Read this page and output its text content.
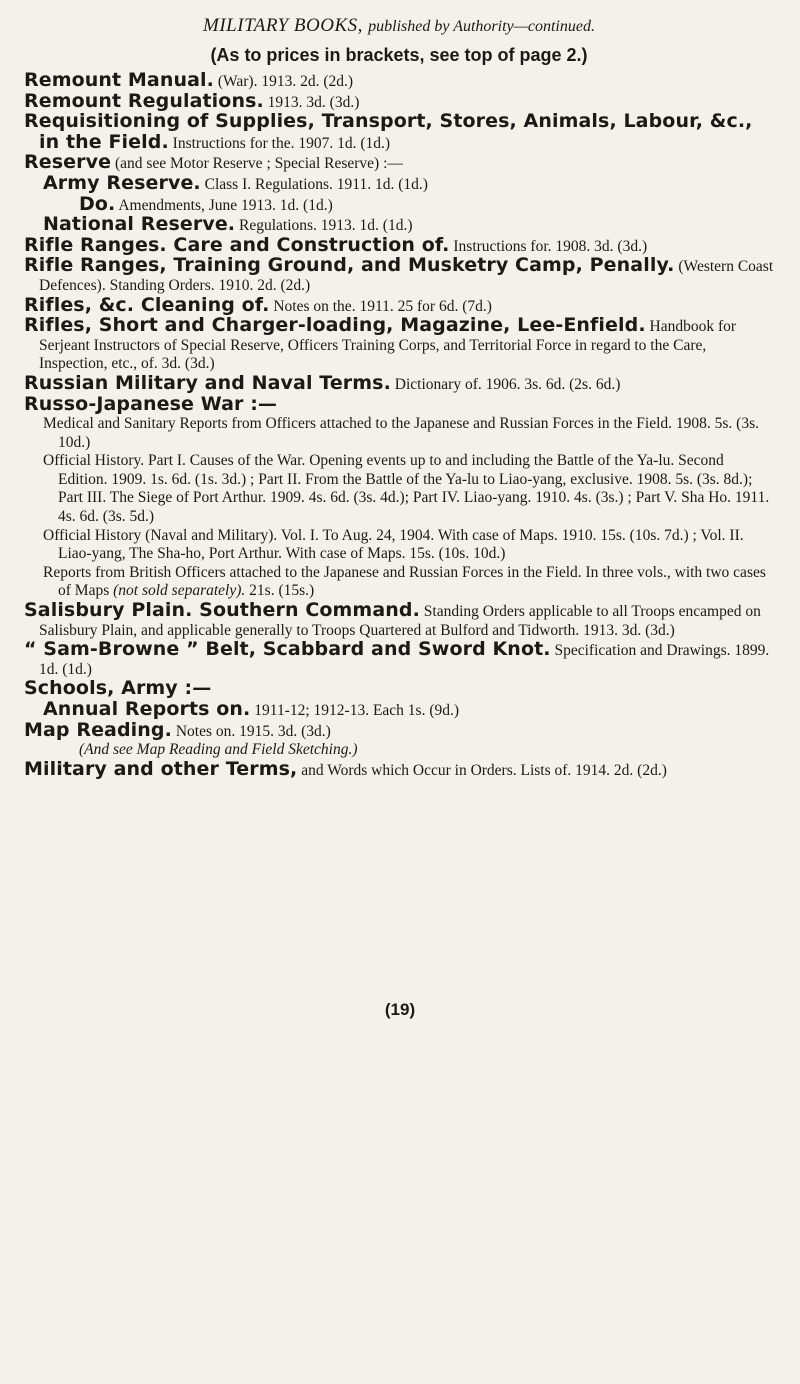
MILITARY BOOKS, published by Authority—continued.
(As to prices in brackets, see top of page 2.)

Remount Manual. (War). 1913. 2d. (2d.)

Remount Regulations. 1913. 3d. (3d.)

Requisitioning of Supplies, Transport, Stores, Animals, Labour, &c., in the Field. Instructions for the. 1907. 1d. (1d.)

Reserve (and see Motor Reserve ; Special Reserve) :—

Army Reserve. Class I. Regulations. 1911. 1d. (1d.)

Do. Amendments, June 1913. 1d. (1d.)

National Reserve. Regulations. 1913. 1d. (1d.)

Rifle Ranges. Care and Construction of. Instructions for. 1908. 3d. (3d.)

Rifle Ranges, Training Ground, and Musketry Camp, Penally. (Western Coast Defences). Standing Orders. 1910. 2d. (2d.)

Rifles, &c. Cleaning of. Notes on the. 1911. 25 for 6d. (7d.)

Rifles, Short and Charger-loading, Magazine, Lee-Enfield. Handbook for Serjeant Instructors of Special Reserve, Officers Training Corps, and Territorial Force in regard to the Care, Inspection, etc., of. 3d. (3d.)

Russian Military and Naval Terms. Dictionary of. 1906. 3s. 6d. (2s. 6d.)

Russo-Japanese War :—

Medical and Sanitary Reports from Officers attached to the Japanese and Russian Forces in the Field. 1908. 5s. (3s. 10d.)

Official History. Part I. Causes of the War. Opening events up to and including the Battle of the Ya-lu. Second Edition. 1909. 1s. 6d. (1s. 3d.) ; Part II. From the Battle of the Ya-lu to Liao-yang, exclusive. 1908. 5s. (3s. 8d.); Part III. The Siege of Port Arthur. 1909. 4s. 6d. (3s. 4d.); Part IV. Liao-yang. 1910. 4s. (3s.) ; Part V. Sha Ho. 1911. 4s. 6d. (3s. 5d.)

Official History (Naval and Military). Vol. I. To Aug. 24, 1904. With case of Maps. 1910. 15s. (10s. 7d.) ; Vol. II. Liao-yang, The Sha-ho, Port Arthur. With case of Maps. 15s. (10s. 10d.)

Reports from British Officers attached to the Japanese and Russian Forces in the Field. In three vols., with two cases of Maps (not sold separately). 21s. (15s.)

Salisbury Plain. Southern Command. Standing Orders applicable to all Troops encamped on Salisbury Plain, and applicable generally to Troops Quartered at Bulford and Tidworth. 1913. 3d. (3d.)

“ Sam-Browne ” Belt, Scabbard and Sword Knot. Specification and Drawings. 1899. 1d. (1d.)

Schools, Army :—

Annual Reports on. 1911-12; 1912-13. Each 1s. (9d.)

Map Reading. Notes on. 1915. 3d. (3d.)

(And see Map Reading and Field Sketching.)

Military and other Terms, and Words which Occur in Orders. Lists of. 1914. 2d. (2d.)

(19)
